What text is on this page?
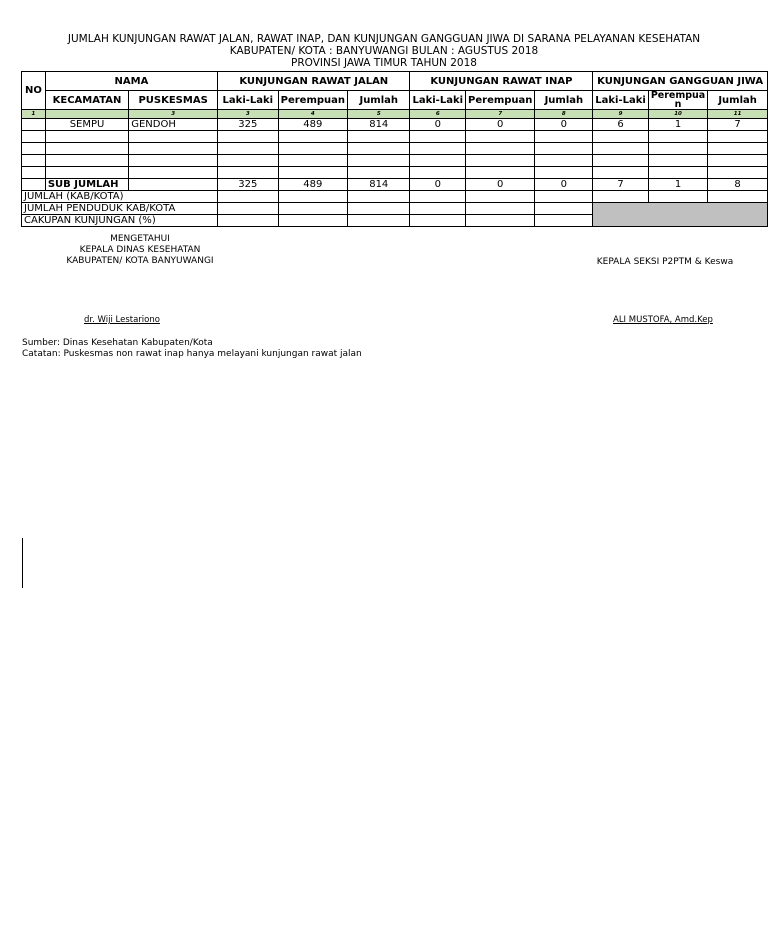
JUMLAH KUNJUNGAN RAWAT JALAN, RAWAT INAP, DAN KUNJUNGAN GANGGUAN JIWA DI SARANA PELAYANAN KESEHATAN
KABUPATEN/ KOTA : BANYUWANGI BULAN : AGUSTUS 2018
PROVINSI JAWA TIMUR TAHUN 2018
NO	NAMA		KUNJUNGAN RAWAT JALAN			KUNJUNGAN RAWAT INAP			KUNJUNGAN GANGGUAN JIWA		
	KECAMATAN	PUSKESMAS	Laki-Laki	Perempuan	Jumlah	Laki-Laki	Perempuan	Jumlah	Laki-Laki	Perempua n	Jumlah
1		3	3	4	5	6	7	8	9	10	11
	SEMPU	GENDOH	325	489	814	0	0	0	6	1	7

	SUB JUMLAH		325	489	814	0	0	0	7	1	8
JUMLAH (KAB/KOTA)											
JUMLAH PENDUDUK KAB/KOTA											
CAKUPAN KUNJUNGAN (%)											
MENGETAHUI
KEPALA DINAS KESEHATAN
KABUPATEN/ KOTA BANYUWANGI	KEPALA SEKSI P2PTM & Keswa
dr. Wiji Lestariono	ALI MUSTOFA, Amd.Kep
Sumber: Dinas Kesehatan Kabupaten/Kota
Catatan: Puskesmas non rawat inap hanya melayani kunjungan rawat jalan
